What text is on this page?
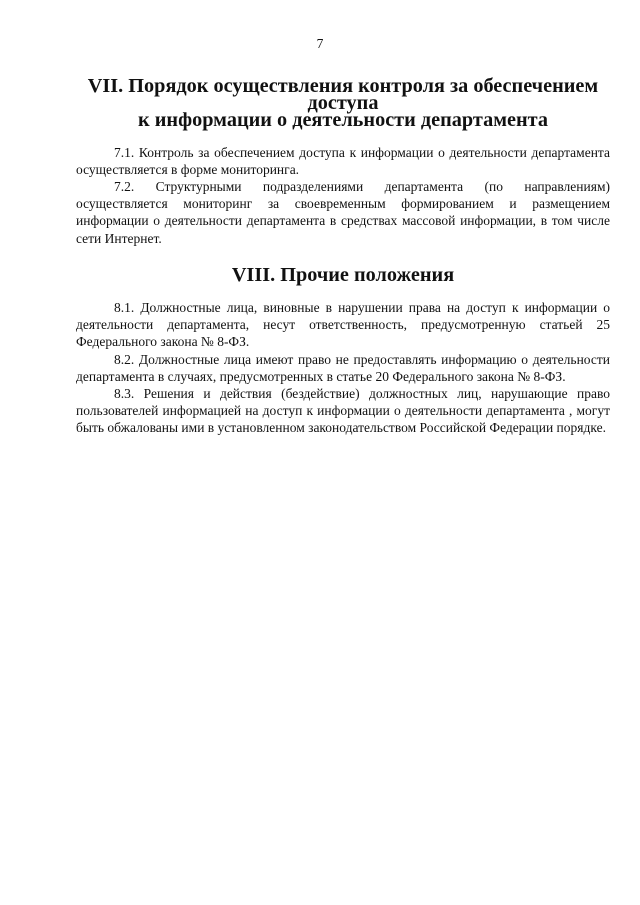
7
VII. Порядок осуществления контроля за обеспечением доступа
к информации о деятельности департамента

7.1. Контроль за обеспечением доступа к информации о деятельности департамента осуществляется в форме мониторинга.

7.2. Структурными подразделениями департамента (по направлениям) осуществляется мониторинг за своевременным формированием и размещением информации о деятельности департамента в средствах массовой информации, в том числе сети Интернет.

VIII. Прочие положения

8.1. Должностные лица, виновные в нарушении права на доступ к информации о деятельности департамента, несут ответственность, предусмотренную статьей 25 Федерального закона № 8-ФЗ.

8.2. Должностные лица имеют право не предоставлять информацию о деятельности департамента в случаях, предусмотренных в статье 20 Федерального закона № 8-ФЗ.

8.3. Решения и действия (бездействие) должностных лиц, нарушающие право пользователей информацией на доступ к информации о деятельности департамента , могут быть обжалованы ими в установленном законодательством Российской Федерации порядке.
